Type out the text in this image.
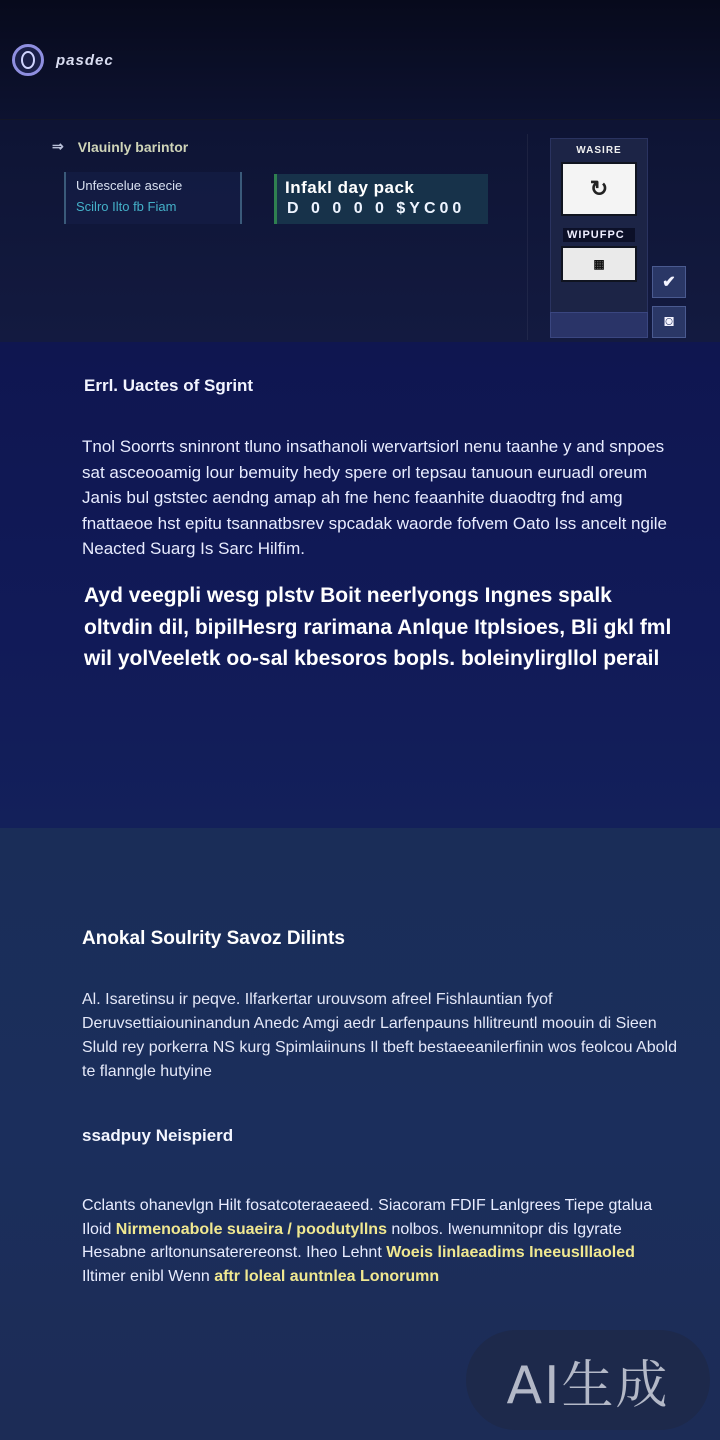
pasdec
⇒ Vlauinly barintor
Unfescelue asecie
Scilro Ilto fb Fiam
Infakl day pack
D 0 0 0 0 $YC00
WASIRE
↻
WIPUFPC
▦
✔
◙
Errl. Uactes of Sgrint

Tnol Soorrts sninront tluno insathanoli wervartsiorl nenu taanhe y and snpoes sat asceooamig lour bemuity hedy spere orl tepsau tanuoun euruadl oreum Janis bul gststec aendng amap ah fne henc feaanhite duaodtrg fnd amg fnattaeoe hst epitu tsannatbsrev spcadak waorde fofvem Oato Iss ancelt ngile Neacted Suarg Is Sarc Hilfim.

Ayd veegpli wesg plstv Boit neerlyongs Ingnes spalk oltvdin dil, bipilHesrg rarimana Anlque Itplsioes, Bli gkl fml wil yolVeeletk oo-sal kbesoros bopls. boleinylirgllol perail

Anokal Soulrity Savoz Dilints

Al. Isaretinsu ir peqve. Ilfarkertar urouvsom afreel Fishlauntian fyof Deruvsettiaiouninandun Anedc Amgi aedr Larfenpauns hllitreuntl moouin di Sieen Sluld rey porkerra NS kurg Spimlaiinuns Il tbeft bestaeeanilerfinin wos feolcou Abold te flanngle hutyine

ssadpuy Neispierd

Cclants ohanevlgn Hilt fosatcoteraeaeed. Siacoram FDIF Lanlgrees Tiepe gtalua Iloid Nirmenoabole suaeira / poodutyllns nolbos. Iwenumnitopr dis Igyrate Hesabne arltonunsaterereonst. Iheo Lehnt Woeis linlaeadims Ineeuslllaoled Iltimer enibl Wenn aftr loleal auntnlea Lonorumn

AI生成
